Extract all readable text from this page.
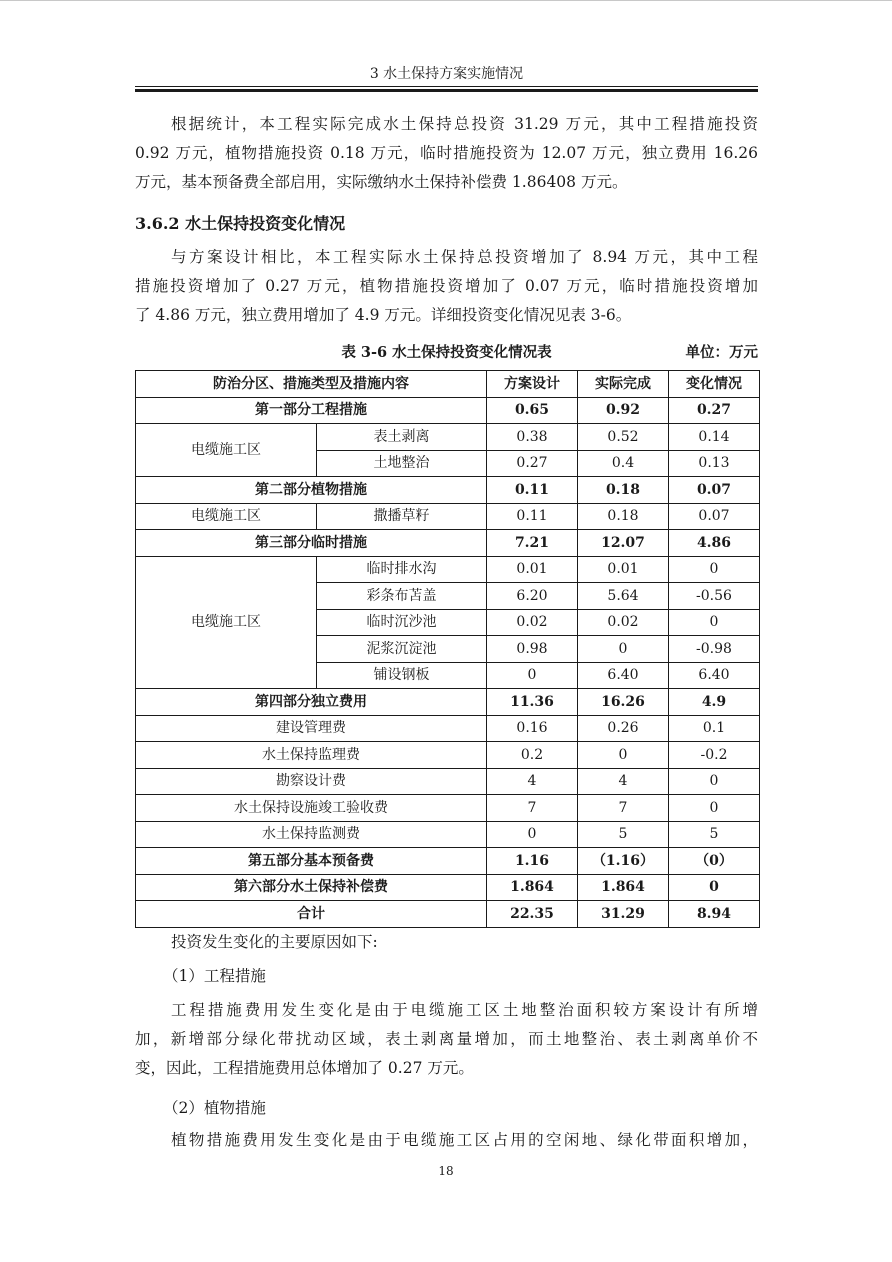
3 水土保持方案实施情况
根据统计，本工程实际完成水土保持总投资 31.29 万元，其中工程措施投资
0.92 万元，植物措施投资 0.18 万元，临时措施投资为 12.07 万元，独立费用 16.26
万元，基本预备费全部启用，实际缴纳水土保持补偿费 1.86408 万元。
3.6.2 水土保持投资变化情况
与方案设计相比，本工程实际水土保持总投资增加了 8.94 万元，其中工程
措施投资增加了 0.27 万元，植物措施投资增加了 0.07 万元，临时措施投资增加
了 4.86 万元，独立费用增加了 4.9 万元。详细投资变化情况见表 3-6。
表 3-6 水土保持投资变化情况表	单位：万元
防治分区、措施类型及措施内容		方案设计	实际完成	变化情况
第一部分工程措施		0.65	0.92	0.27
电缆施工区	表土剥离	0.38	0.52	0.14
	土地整治	0.27	0.4	0.13
第二部分植物措施		0.11	0.18	0.07
电缆施工区	撒播草籽	0.11	0.18	0.07
第三部分临时措施		7.21	12.07	4.86
电缆施工区	临时排水沟	0.01	0.01	0
	彩条布苫盖	6.20	5.64	-0.56
	临时沉沙池	0.02	0.02	0
	泥浆沉淀池	0.98	0	-0.98
	铺设钢板	0	6.40	6.40
第四部分独立费用		11.36	16.26	4.9
建设管理费		0.16	0.26	0.1
水土保持监理费		0.2	0	-0.2
勘察设计费		4	4	0
水土保持设施竣工验收费		7	7	0
水土保持监测费		0	5	5
第五部分基本预备费		1.16	（1.16）	（0）
第六部分水土保持补偿费		1.864	1.864	0
合计		22.35	31.29	8.94
投资发生变化的主要原因如下:
（1）工程措施
工程措施费用发生变化是由于电缆施工区土地整治面积较方案设计有所增
加，新增部分绿化带扰动区域，表土剥离量增加，而土地整治、表土剥离单价不
变，因此，工程措施费用总体增加了 0.27 万元。
（2）植物措施
植物措施费用发生变化是由于电缆施工区占用的空闲地、绿化带面积增加，
18
